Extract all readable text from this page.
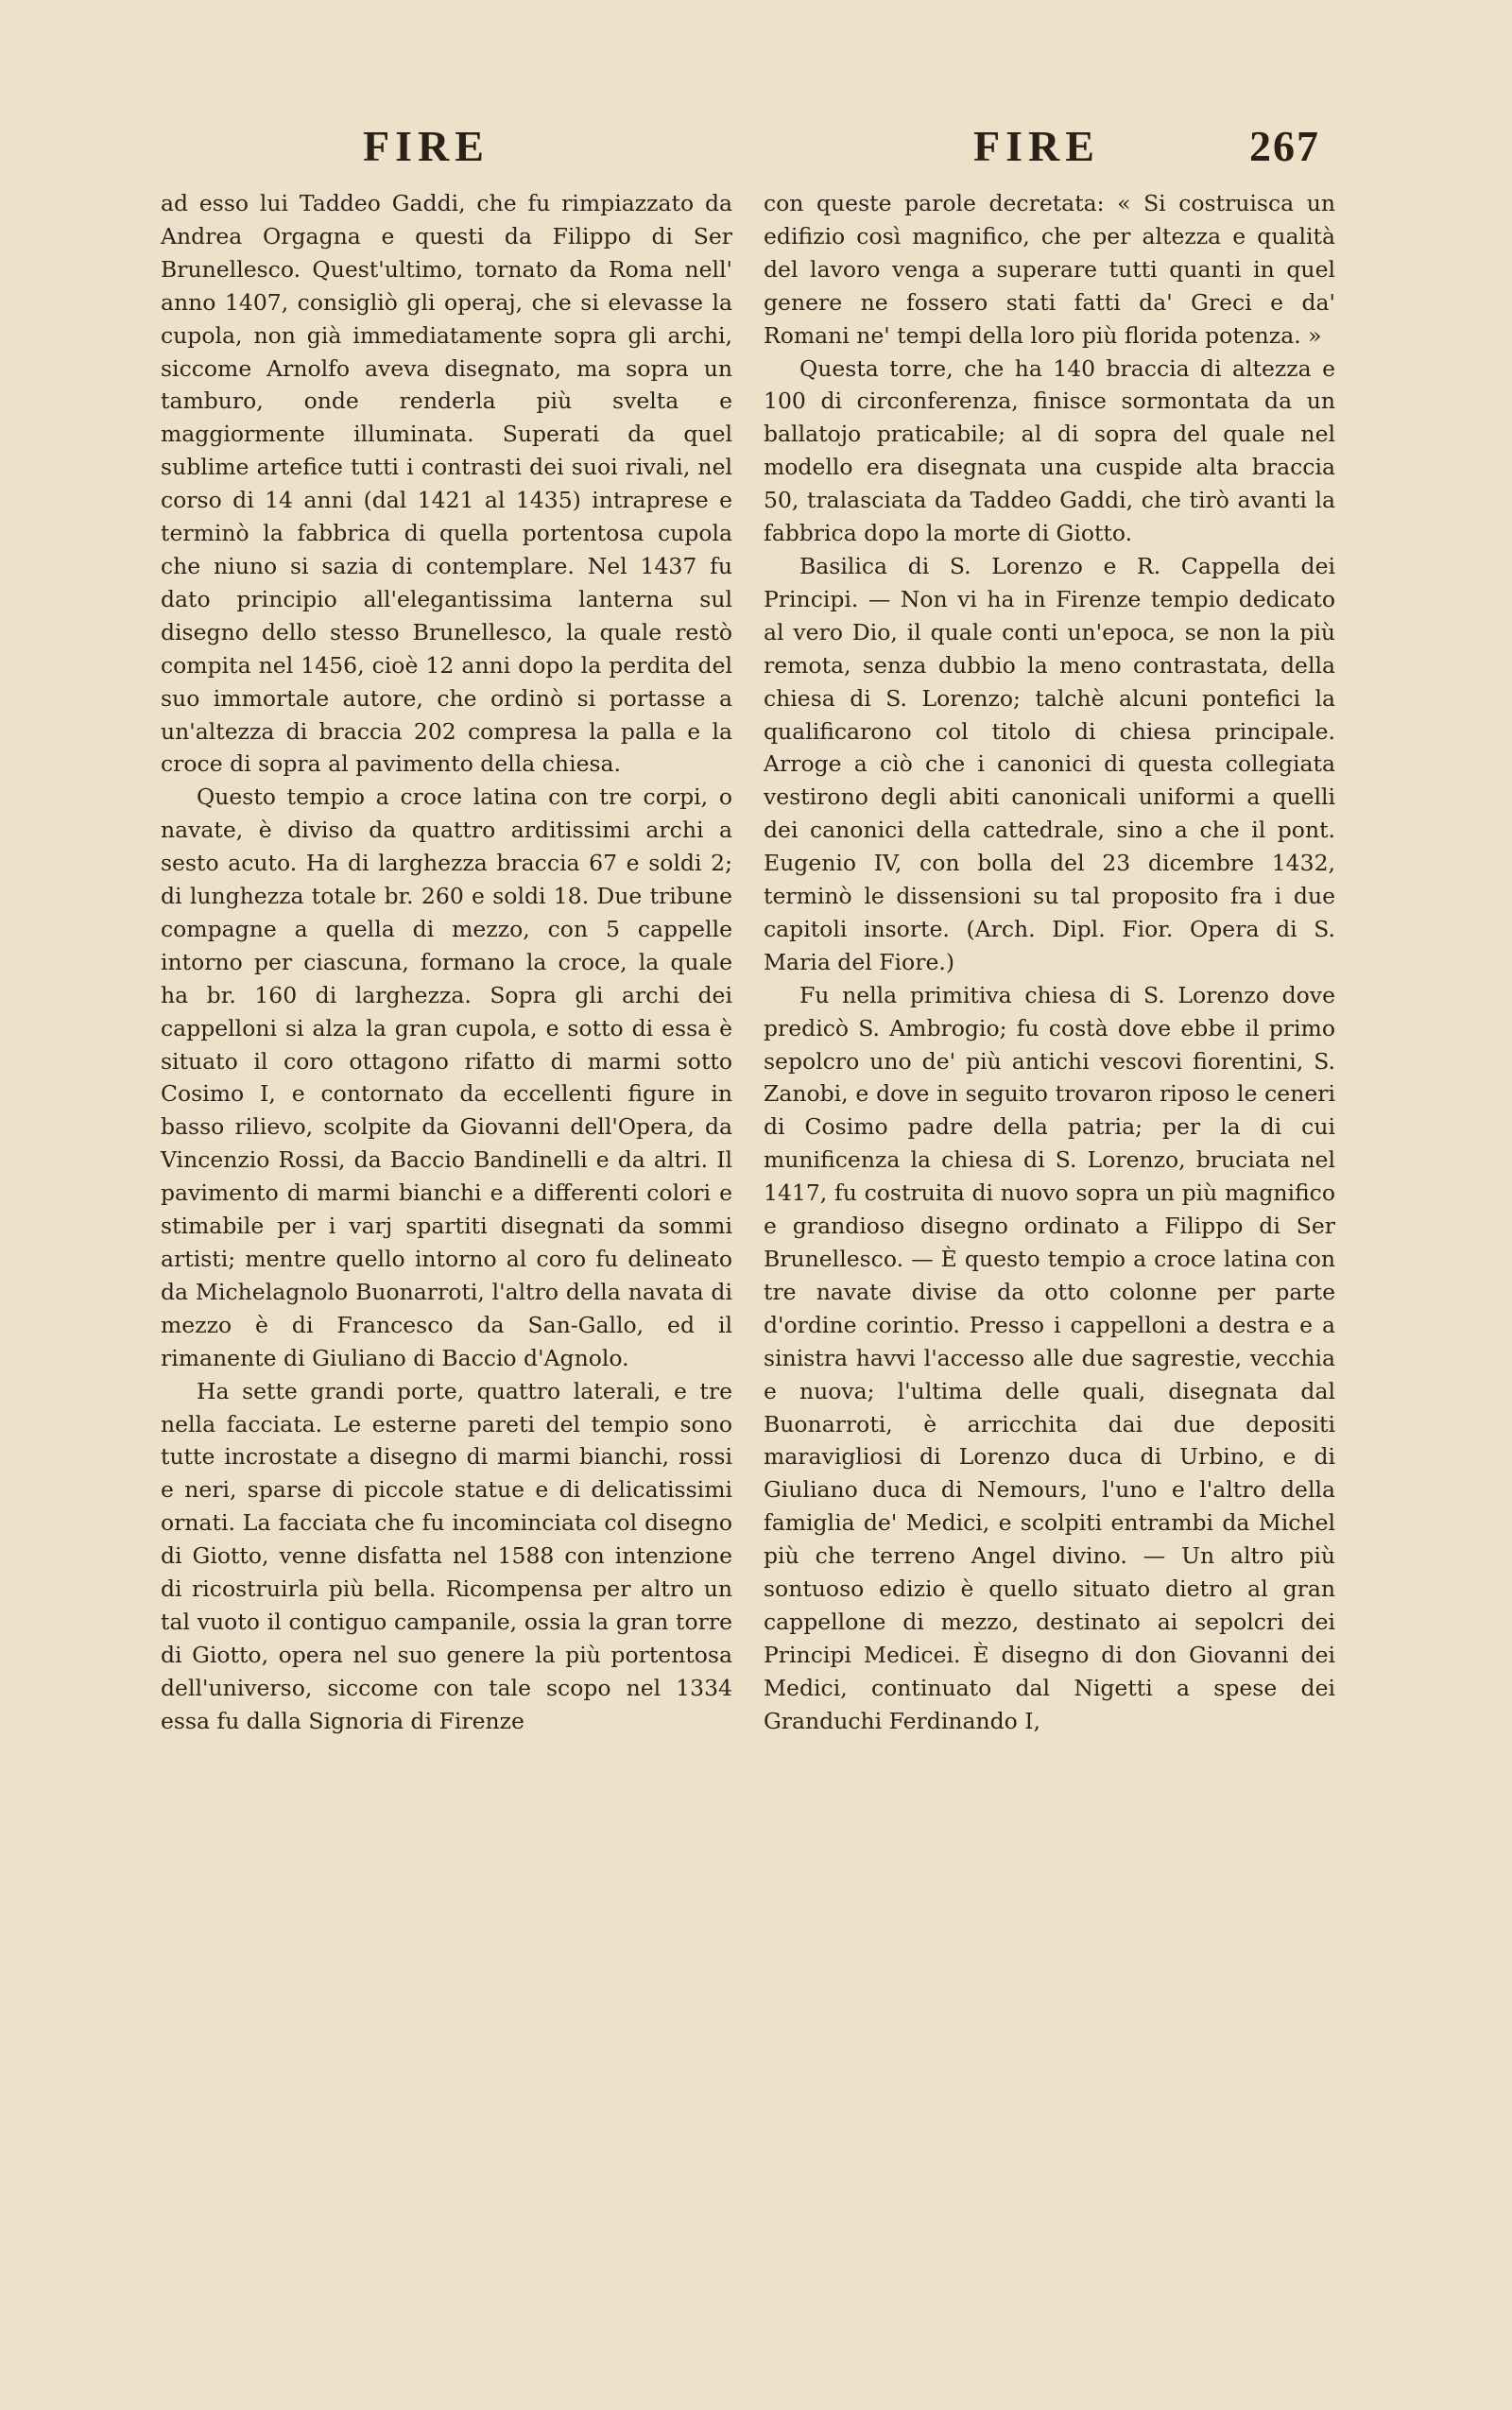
FIRE	FIRE	267

ad esso lui Taddeo Gaddi, che fu rimpiazzato da Andrea Orgagna e questi da Filippo di Ser Brunellesco. Quest'ultimo, tornato da Roma nell' anno 1407, consigliò gli operaj, che si elevasse la cupola, non già immediatamente sopra gli archi, siccome Arnolfo aveva disegnato, ma sopra un tamburo, onde renderla più svelta e maggiormente illuminata. Superati da quel sublime artefice tutti i contrasti dei suoi rivali, nel corso di 14 anni (dal 1421 al 1435) intraprese e terminò la fabbrica di quella portentosa cupola che niuno si sazia di contemplare. Nel 1437 fu dato principio all'elegantissima lanterna sul disegno dello stesso Brunellesco, la quale restò compita nel 1456, cioè 12 anni dopo la perdita del suo immortale autore, che ordinò si portasse a un'altezza di braccia 202 compresa la palla e la croce di sopra al pavimento della chiesa.

Questo tempio a croce latina con tre corpi, o navate, è diviso da quattro arditissimi archi a sesto acuto. Ha di larghezza braccia 67 e soldi 2; di lunghezza totale br. 260 e soldi 18. Due tribune compagne a quella di mezzo, con 5 cappelle intorno per ciascuna, formano la croce, la quale ha br. 160 di larghezza. Sopra gli archi dei cappelloni si alza la gran cupola, e sotto di essa è situato il coro ottagono rifatto di marmi sotto Cosimo I, e contornato da eccellenti figure in basso rilievo, scolpite da Giovanni dell'Opera, da Vincenzio Rossi, da Baccio Bandinelli e da altri. Il pavimento di marmi bianchi e a differenti colori e stimabile per i varj spartiti disegnati da sommi artisti; mentre quello intorno al coro fu delineato da Michelagnolo Buonarroti, l'altro della navata di mezzo è di Francesco da San-Gallo, ed il rimanente di Giuliano di Baccio d'Agnolo.

Ha sette grandi porte, quattro laterali, e tre nella facciata. Le esterne pareti del tempio sono tutte incrostate a disegno di marmi bianchi, rossi e neri, sparse di piccole statue e di delicatissimi ornati. La facciata che fu incominciata col disegno di Giotto, venne disfatta nel 1588 con intenzione di ricostruirla più bella. Ricompensa per altro un tal vuoto il contiguo campanile, ossia la gran torre di Giotto, opera nel suo genere la più portentosa dell'universo, siccome con tale scopo nel 1334 essa fu dalla Signoria di Firenze

con queste parole decretata: « Si costruisca un edifizio così magnifico, che per altezza e qualità del lavoro venga a superare tutti quanti in quel genere ne fossero stati fatti da' Greci e da' Romani ne' tempi della loro più florida potenza. »

Questa torre, che ha 140 braccia di altezza e 100 di circonferenza, finisce sormontata da un ballatojo praticabile; al di sopra del quale nel modello era disegnata una cuspide alta braccia 50, tralasciata da Taddeo Gaddi, che tirò avanti la fabbrica dopo la morte di Giotto.

Basilica di S. Lorenzo e R. Cappella dei Principi. — Non vi ha in Firenze tempio dedicato al vero Dio, il quale conti un'epoca, se non la più remota, senza dubbio la meno contrastata, della chiesa di S. Lorenzo; talchè alcuni pontefici la qualificarono col titolo di chiesa principale. Arroge a ciò che i canonici di questa collegiata vestirono degli abiti canonicali uniformi a quelli dei canonici della cattedrale, sino a che il pont. Eugenio IV, con bolla del 23 dicembre 1432, terminò le dissensioni su tal proposito fra i due capitoli insorte. (Arch. Dipl. Fior. Opera di S. Maria del Fiore.)

Fu nella primitiva chiesa di S. Lorenzo dove predicò S. Ambrogio; fu costà dove ebbe il primo sepolcro uno de' più antichi vescovi fiorentini, S. Zanobi, e dove in seguito trovaron riposo le ceneri di Cosimo padre della patria; per la di cui munificenza la chiesa di S. Lorenzo, bruciata nel 1417, fu costruita di nuovo sopra un più magnifico e grandioso disegno ordinato a Filippo di Ser Brunellesco. — È questo tempio a croce latina con tre navate divise da otto colonne per parte d'ordine corintio. Presso i cappelloni a destra e a sinistra havvi l'accesso alle due sagrestie, vecchia e nuova; l'ultima delle quali, disegnata dal Buonarroti, è arricchita dai due depositi maravigliosi di Lorenzo duca di Urbino, e di Giuliano duca di Nemours, l'uno e l'altro della famiglia de' Medici, e scolpiti entrambi da Michel più che terreno Angel divino. — Un altro più sontuoso edizio è quello situato dietro al gran cappellone di mezzo, destinato ai sepolcri dei Principi Medicei. È disegno di don Giovanni dei Medici, continuato dal Nigetti a spese dei Granduchi Ferdinando I,
